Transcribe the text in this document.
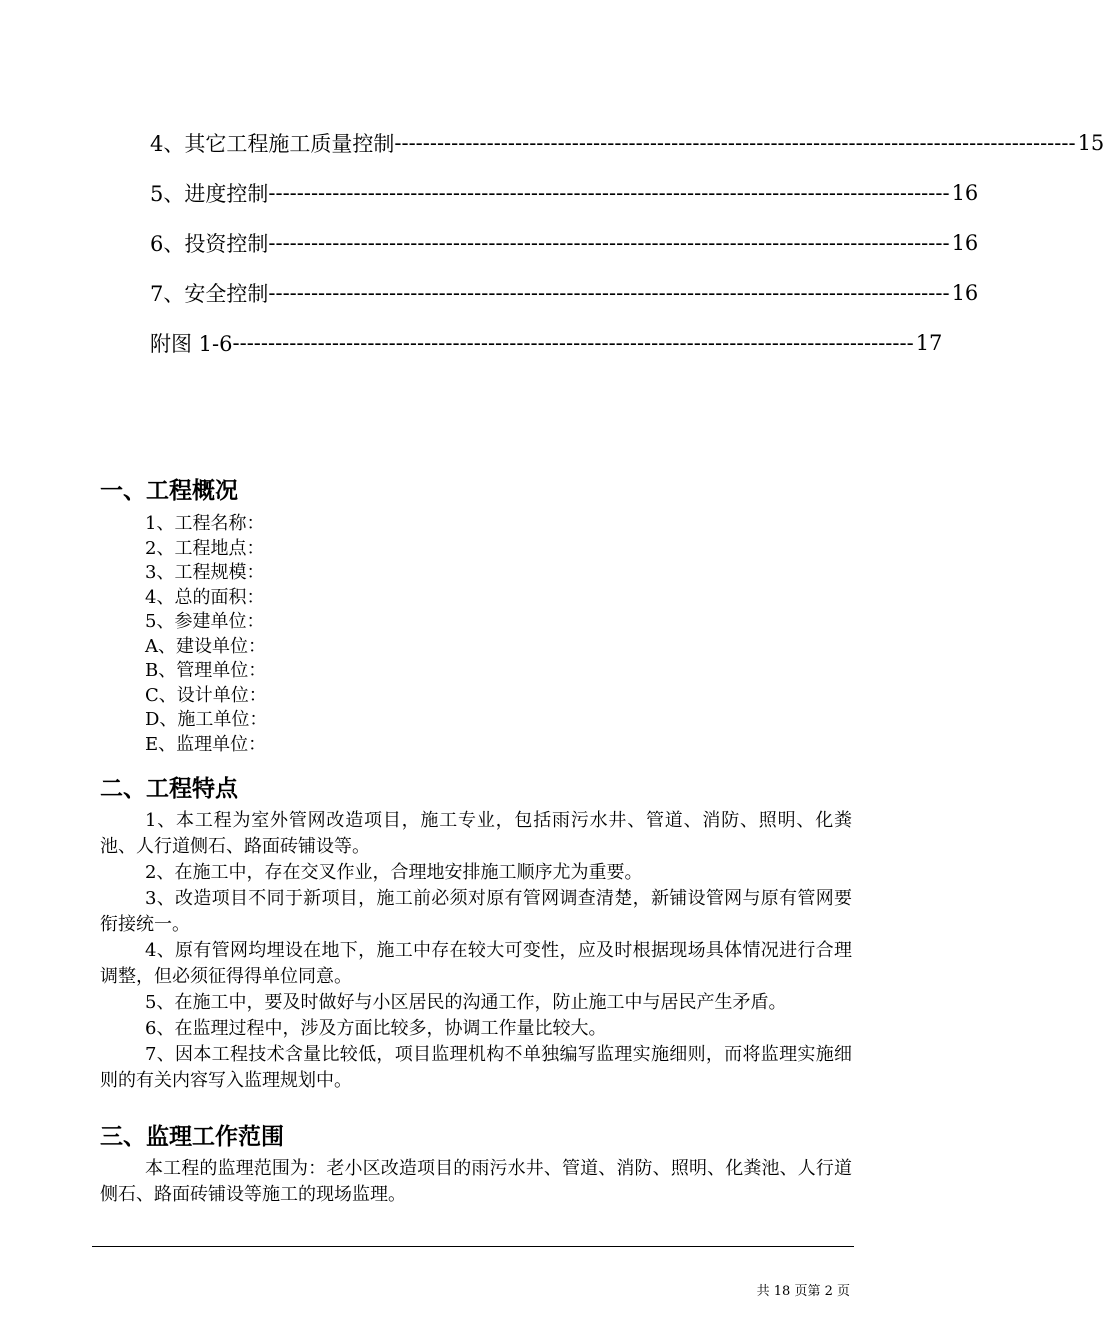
4、其它工程施工质量控制 ------------------------------------------------------------------------------------------------ 15
5、进度控制 ------------------------------------------------------------------------------------------------ 16
6、投资控制 ------------------------------------------------------------------------------------------------ 16
7、安全控制 ------------------------------------------------------------------------------------------------ 16
附图 1-6 ------------------------------------------------------------------------------------------------ 17
一、工程概况
1、工程名称：
2、工程地点：
3、工程规模：
4、总的面积：
5、参建单位：
A、建设单位：
B、管理单位：
C、设计单位：
D、施工单位：
E、监理单位：
二、工程特点

1、本工程为室外管网改造项目，施工专业，包括雨污水井、管道、消防、照明、化粪池、人行道侧石、路面砖铺设等。

2、在施工中，存在交叉作业，合理地安排施工顺序尤为重要。

3、改造项目不同于新项目，施工前必须对原有管网调查清楚，新铺设管网与原有管网要衔接统一。

4、原有管网均埋设在地下，施工中存在较大可变性，应及时根据现场具体情况进行合理调整，但必须征得得单位同意。

5、在施工中，要及时做好与小区居民的沟通工作，防止施工中与居民产生矛盾。

6、在监理过程中，涉及方面比较多，协调工作量比较大。

7、因本工程技术含量比较低，项目监理机构不单独编写监理实施细则，而将监理实施细则的有关内容写入监理规划中。

三、监理工作范围

本工程的监理范围为：老小区改造项目的雨污水井、管道、消防、照明、化粪池、人行道侧石、路面砖铺设等施工的现场监理。

共 18 页第 2 页
